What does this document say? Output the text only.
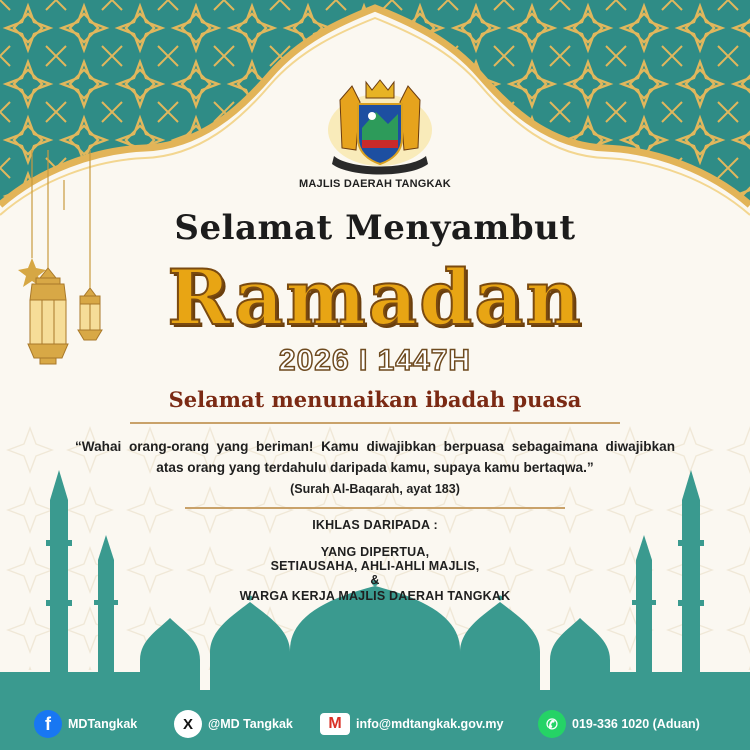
MAJLIS DAERAH TANGKAK
Selamat Menyambut
Ramadan
2026 I 1447H
Selamat menunaikan ibadah puasa
“Wahai orang-orang yang beriman! Kamu diwajibkan berpuasa sebagaimana diwajibkan atas orang yang terdahulu daripada kamu, supaya kamu bertaqwa.”
(Surah Al-Baqarah, ayat 183)
IKHLAS DARIPADA :
YANG DIPERTUA,
SETIAUSAHA, AHLI-AHLI MAJLIS,
&
WARGA KERJA MAJLIS DAERAH TANGKAK
f	MDTangkak	X	@MD Tangkak	M	info@mdtangkak.gov.my	✆	019-336 1020 (Aduan)
